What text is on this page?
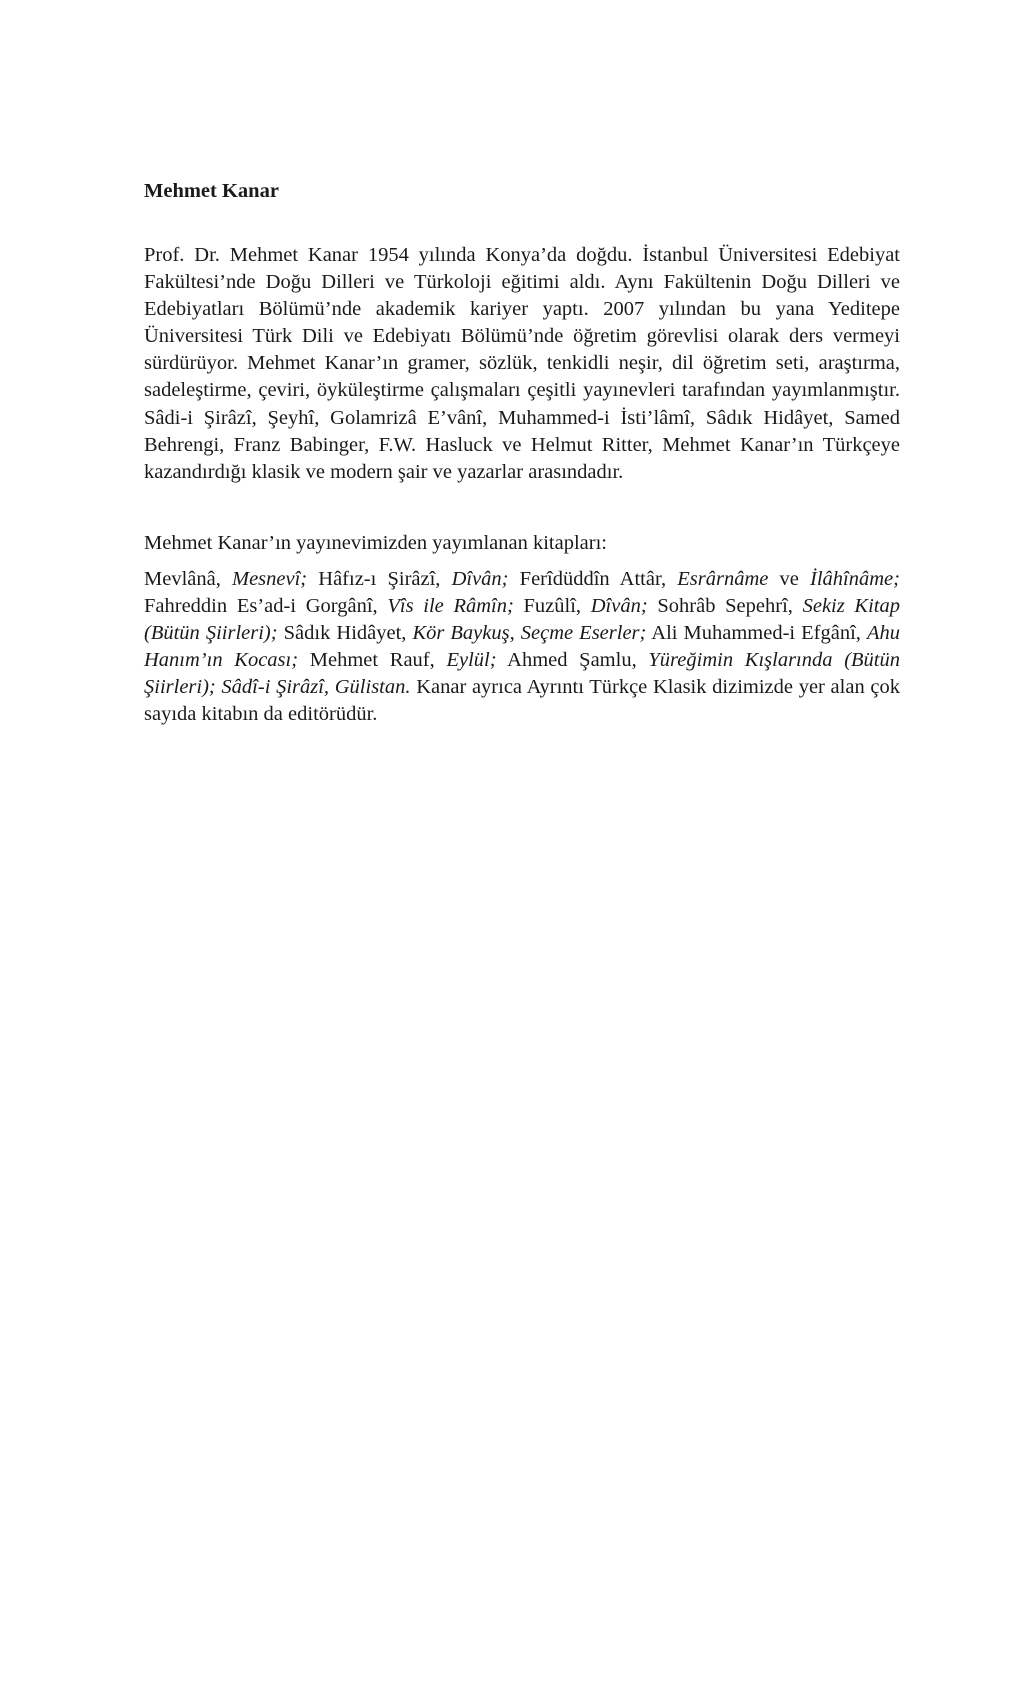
Mehmet Kanar

Prof. Dr. Mehmet Kanar 1954 yılında Konya’da doğdu. İstanbul Üniversitesi Edebiyat Fakültesi’nde Doğu Dilleri ve Türkoloji eğitimi aldı. Aynı Fakültenin Doğu Dilleri ve Edebiyatları Bölümü’nde akademik kariyer yaptı. 2007 yılından bu yana Yeditepe Üniversitesi Türk Dili ve Edebiyatı Bölümü’nde öğretim görevlisi olarak ders vermeyi sürdürüyor. Mehmet Kanar’ın gramer, sözlük, tenkidli neşir, dil öğretim seti, araştırma, sadeleştirme, çeviri, öyküleştirme çalışmaları çeşitli yayınevleri tarafından yayımlanmıştır. Sâdi-i Şirâzî, Şeyhî, Golamrizâ E’vânî, Muhammed-i İsti’lâmî, Sâdık Hidâyet, Samed Behrengi, Franz Babinger, F.W. Hasluck ve Helmut Ritter, Mehmet Kanar’ın Türkçeye kazandırdığı klasik ve modern şair ve yazarlar arasındadır.

Mehmet Kanar’ın yayınevimizden yayımlanan kitapları:

Mevlânâ, Mesnevî; Hâfız-ı Şirâzî, Dîvân; Ferîdüddîn Attâr, Esrârnâme ve İlâhînâme; Fahreddin Es’ad-i Gorgânî, Vîs ile Râmîn; Fuzûlî, Dîvân; Sohrâb Sepehrî, Sekiz Kitap (Bütün Şiirleri); Sâdık Hidâyet, Kör Baykuş, Seçme Eserler; Ali Muhammed-i Efgânî, Ahu Hanım’ın Kocası; Mehmet Rauf, Eylül; Ahmed Şamlu, Yüreğimin Kışlarında (Bütün Şiirleri); Sâdî-i Şirâzî, Gülistan. Kanar ayrıca Ayrıntı Türkçe Klasik dizimizde yer alan çok sayıda kitabın da editörüdür.
